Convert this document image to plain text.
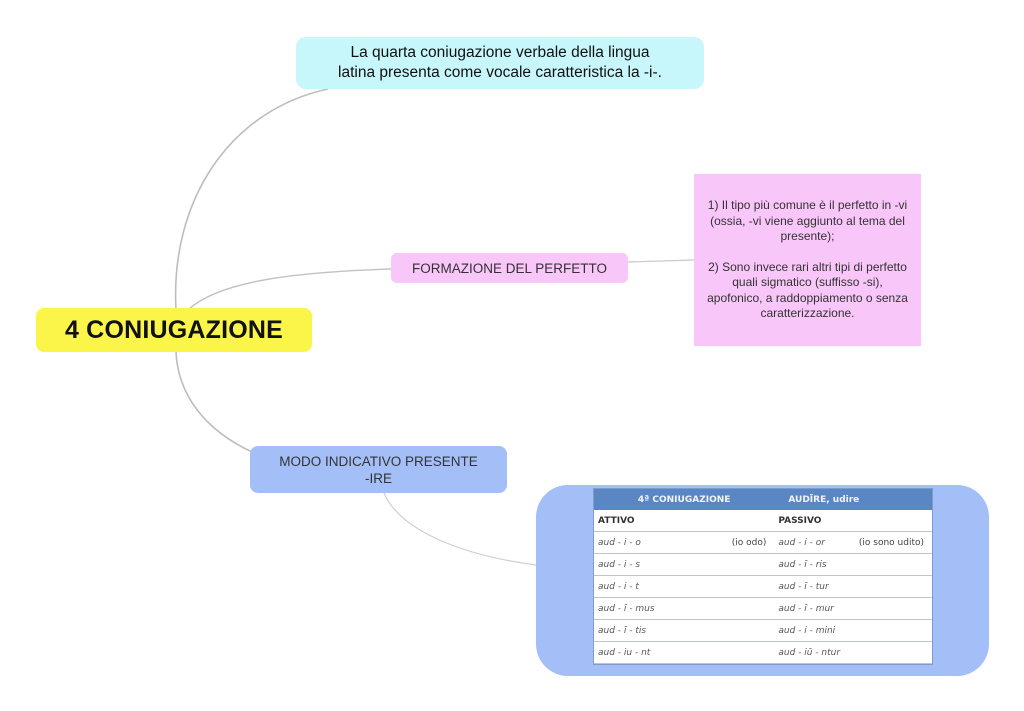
La quarta coniugazione verbale della lingua
latina presenta come vocale caratteristica la -i-.
4 CONIUGAZIONE
FORMAZIONE DEL PERFETTO

1) Il tipo più comune è il perfetto in -vi (ossia, -vi viene aggiunto al tema del presente);

2) Sono invece rari altri tipi di perfetto quali sigmatico (suffisso -si), apofonico, a raddoppiamento o senza caratterizzazione.

MODO INDICATIVO PRESENTE
-IRE
4ª CONIUGAZIONE		AUDĪRE, udire	
ATTIVO		PASSIVO	
aud - i - o	(io odo)	aud - i - or	(io sono udito)
aud - i - s		aud - ī - ris	
aud - i - t		aud - ī - tur	
aud - ī - mus		aud - ī - mur	
aud - ī - tis		aud - i - mini	
aud - iu - nt		aud - iū - ntur	
